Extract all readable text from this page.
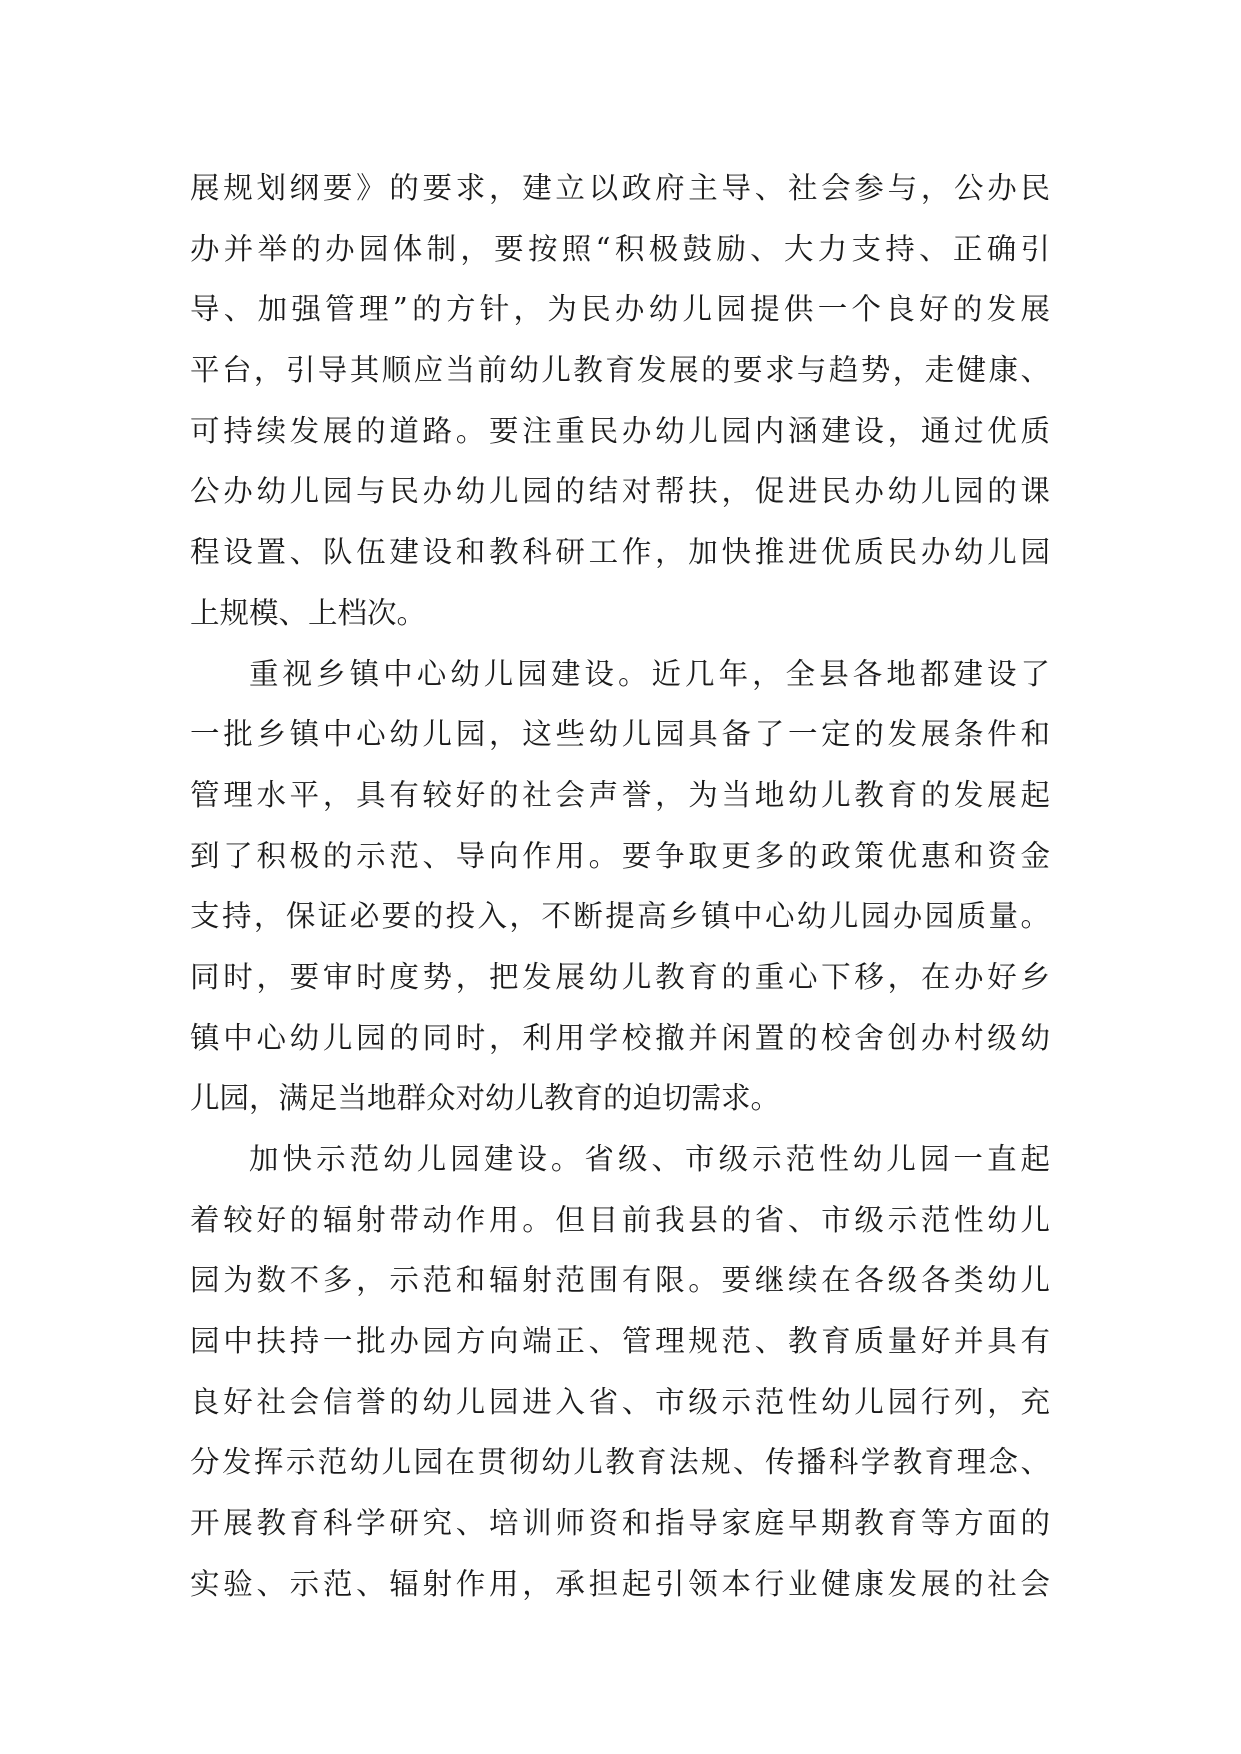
展规划纲要》的要求，建立以政府主导、社会参与，公办民
办并举的办园体制，要按照“积极鼓励、大力支持、正确引
导、加强管理”的方针，为民办幼儿园提供一个良好的发展
平台，引导其顺应当前幼儿教育发展的要求与趋势，走健康、
可持续发展的道路。要注重民办幼儿园内涵建设，通过优质
公办幼儿园与民办幼儿园的结对帮扶，促进民办幼儿园的课
程设置、队伍建设和教科研工作，加快推进优质民办幼儿园
上规模、上档次。
重视乡镇中心幼儿园建设。近几年，全县各地都建设了
一批乡镇中心幼儿园，这些幼儿园具备了一定的发展条件和
管理水平，具有较好的社会声誉，为当地幼儿教育的发展起
到了积极的示范、导向作用。要争取更多的政策优惠和资金
支持，保证必要的投入，不断提高乡镇中心幼儿园办园质量。
同时，要审时度势，把发展幼儿教育的重心下移，在办好乡
镇中心幼儿园的同时，利用学校撤并闲置的校舍创办村级幼
儿园，满足当地群众对幼儿教育的迫切需求。
加快示范幼儿园建设。省级、市级示范性幼儿园一直起
着较好的辐射带动作用。但目前我县的省、市级示范性幼儿
园为数不多，示范和辐射范围有限。要继续在各级各类幼儿
园中扶持一批办园方向端正、管理规范、教育质量好并具有
良好社会信誉的幼儿园进入省、市级示范性幼儿园行列，充
分发挥示范幼儿园在贯彻幼儿教育法规、传播科学教育理念、
开展教育科学研究、培训师资和指导家庭早期教育等方面的
实验、示范、辐射作用，承担起引领本行业健康发展的社会
